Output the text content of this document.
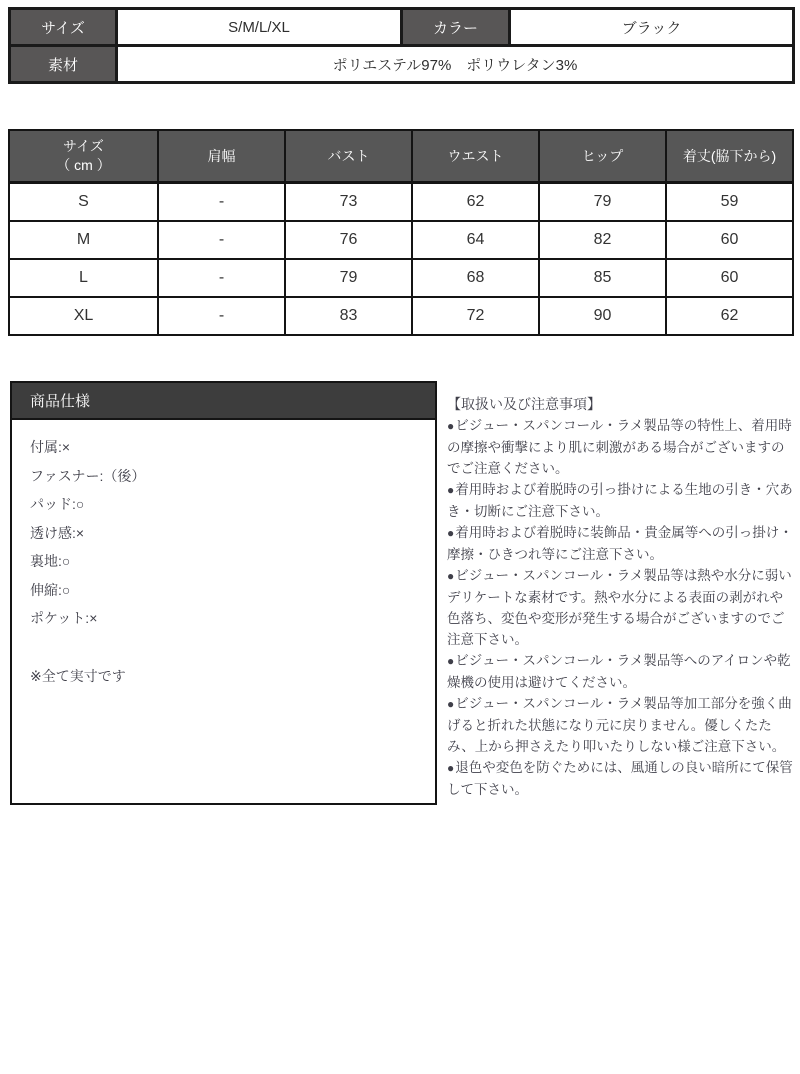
サイズ	S/M/L/XL	カラー	ブラック
素材	ポリエステル97%　ポリウレタン3%		
サイズ
（ cm ）	肩幅	バスト	ウエスト	ヒップ	着丈(脇下から)
S	-	73	62	79	59
M	-	76	64	82	60
L	-	79	68	85	60
XL	-	83	72	90	62
商品仕様
付属:×
ファスナー:（後）
パッド:○
透け感:×
裏地:○
伸縮:○
ポケット:×
※全て実寸です

【取扱い及び注意事項】

●ビジュー・スパンコール・ラメ製品等の特性上、着用時の摩擦や衝撃により肌に刺激がある場合がございますのでご注意ください。

●着用時および着脱時の引っ掛けによる生地の引き・穴あき・切断にご注意下さい。

●着用時および着脱時に装飾品・貴金属等への引っ掛け・摩擦・ひきつれ等にご注意下さい。

●ビジュー・スパンコール・ラメ製品等は熱や水分に弱いデリケートな素材です。熱や水分による表面の剥がれや色落ち、変色や変形が発生する場合がございますのでご注意下さい。

●ビジュー・スパンコール・ラメ製品等へのアイロンや乾燥機の使用は避けてください。

●ビジュー・スパンコール・ラメ製品等加工部分を強く曲げると折れた状態になり元に戻りません。優しくたたみ、上から押さえたり叩いたりしない様ご注意下さい。

●退色や変色を防ぐためには、風通しの良い暗所にて保管して下さい。
